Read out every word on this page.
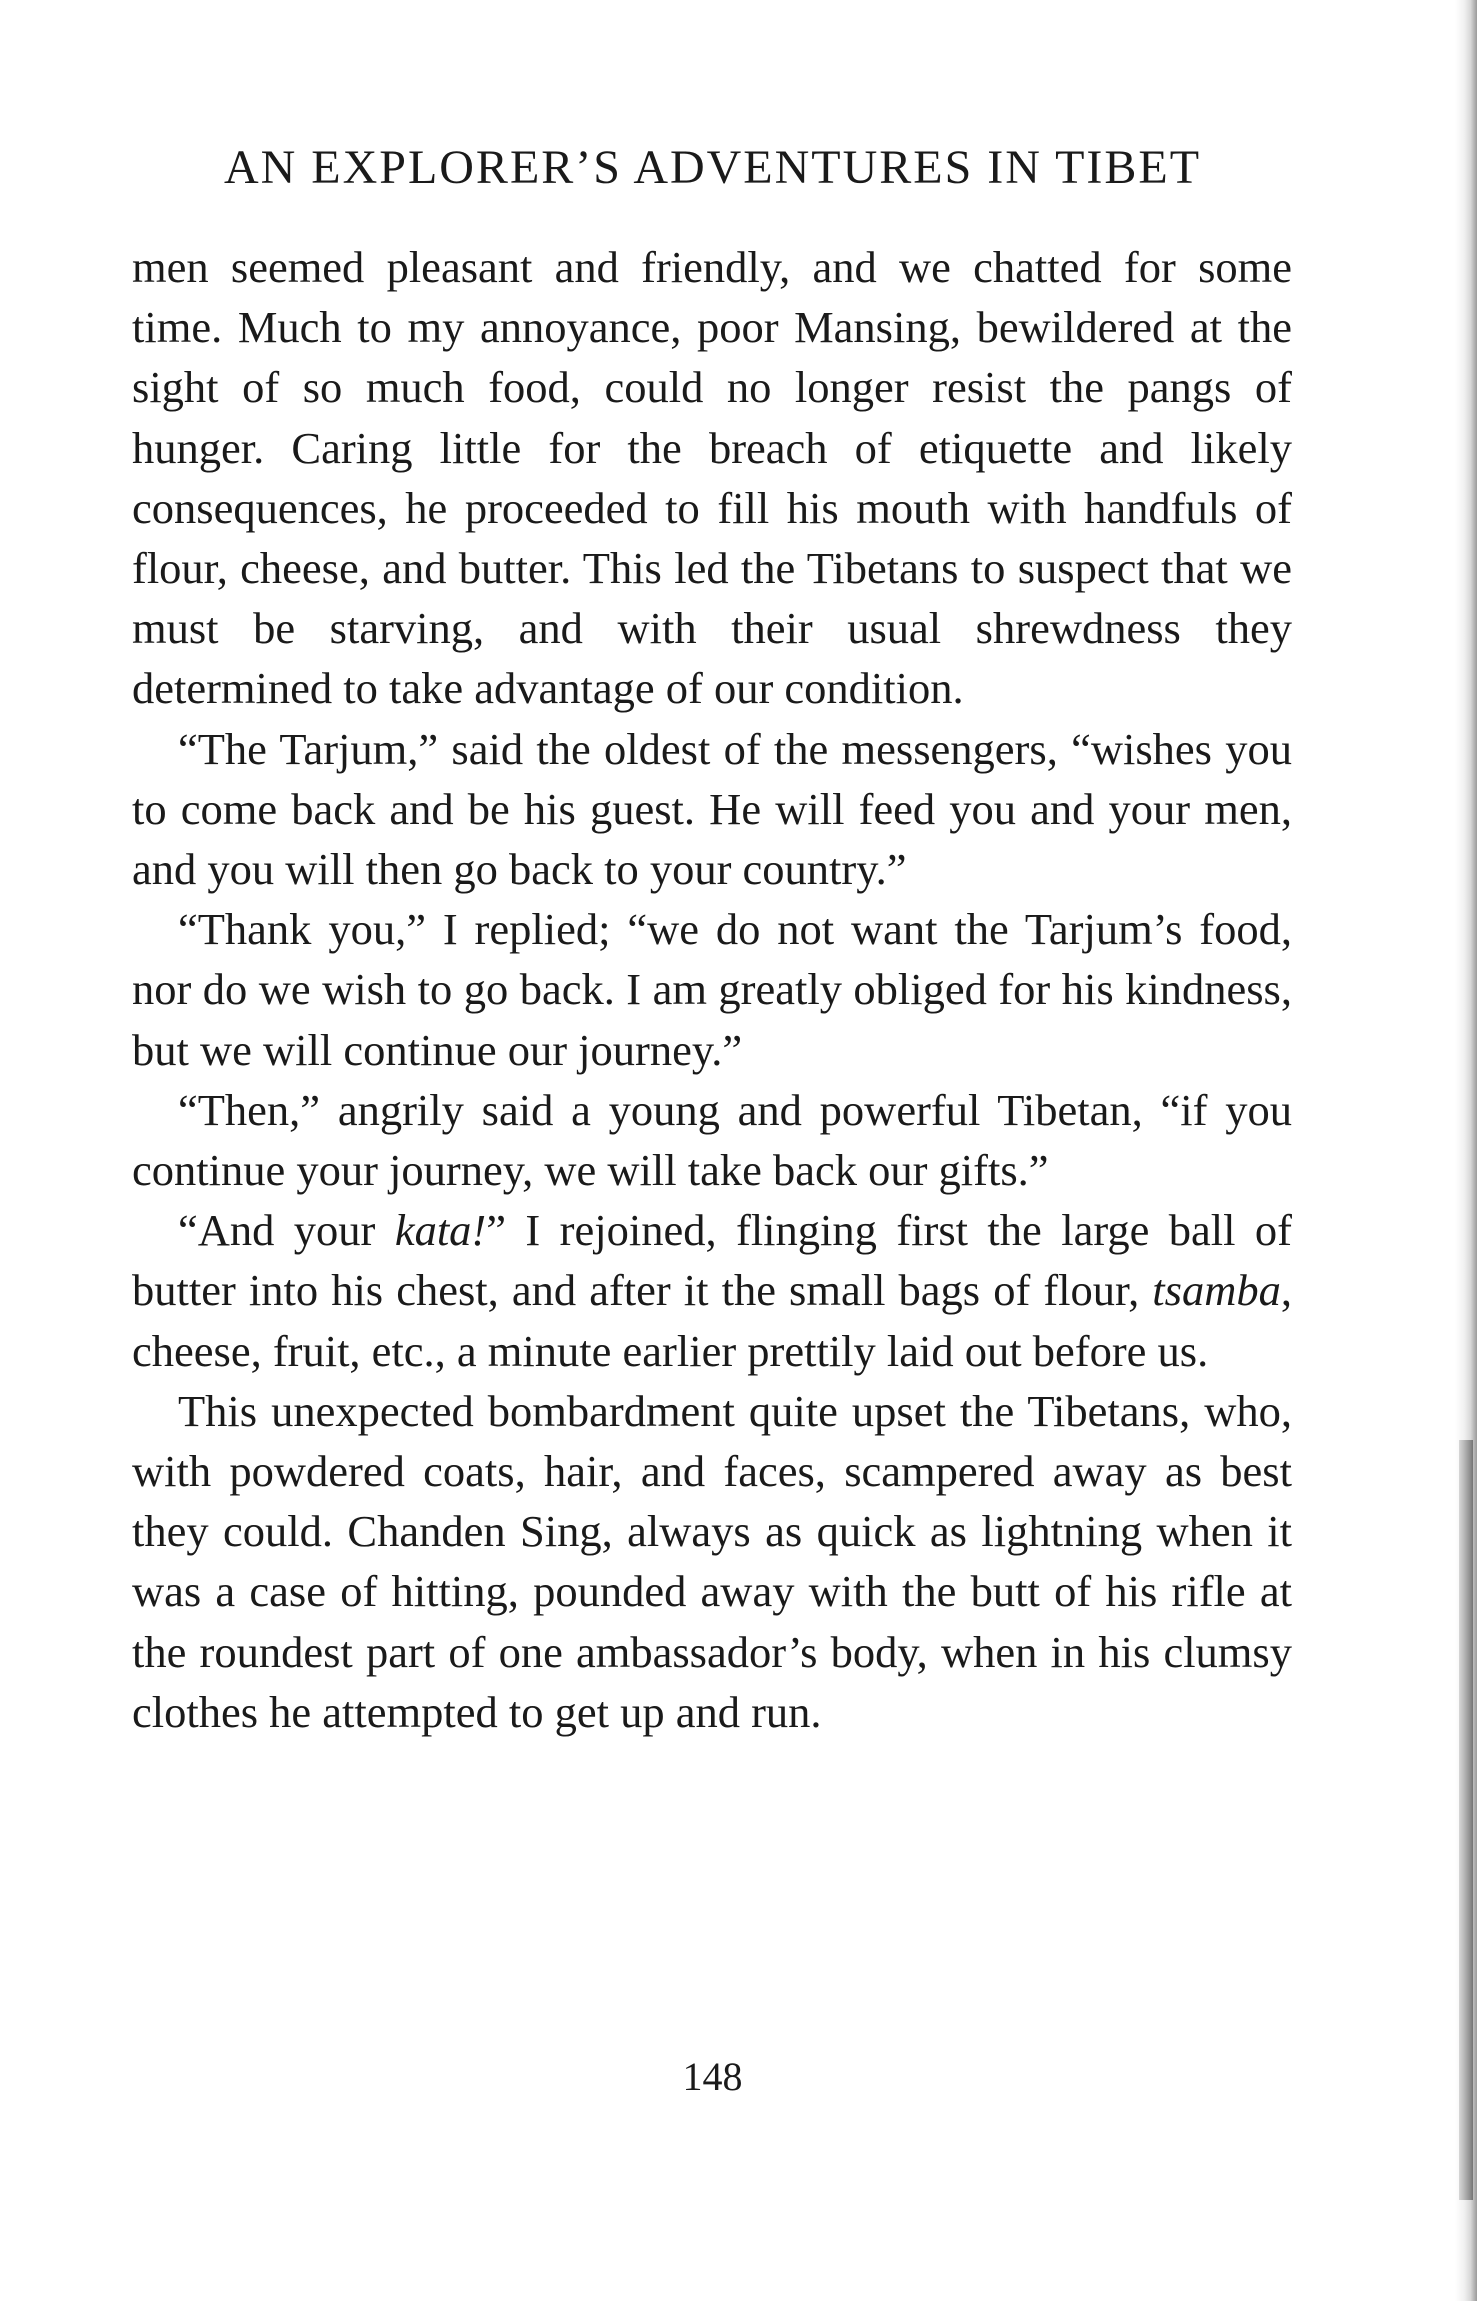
AN EXPLORER’S ADVENTURES IN TIBET

men seemed pleasant and friendly, and we chatted for some time. Much to my annoyance, poor Mansing, bewildered at the sight of so much food, could no longer resist the pangs of hunger. Caring little for the breach of etiquette and likely consequences, he proceeded to fill his mouth with handfuls of flour, cheese, and butter. This led the Tibetans to suspect that we must be starving, and with their usual shrewdness they determined to take advantage of our condition.

“The Tarjum,” said the oldest of the messengers, “wishes you to come back and be his guest. He will feed you and your men, and you will then go back to your country.”

“Thank you,” I replied; “we do not want the Tarjum’s food, nor do we wish to go back. I am greatly obliged for his kindness, but we will continue our journey.”

“Then,” angrily said a young and powerful Tibetan, “if you continue your journey, we will take back our gifts.”

“And your kata!” I rejoined, flinging first the large ball of butter into his chest, and after it the small bags of flour, tsamba, cheese, fruit, etc., a minute earlier prettily laid out before us.

This unexpected bombardment quite upset the Tibetans, who, with powdered coats, hair, and faces, scampered away as best they could. Chanden Sing, always as quick as lightning when it was a case of hitting, pounded away with the butt of his rifle at the roundest part of one ambassador’s body, when in his clumsy clothes he attempted to get up and run.

148
